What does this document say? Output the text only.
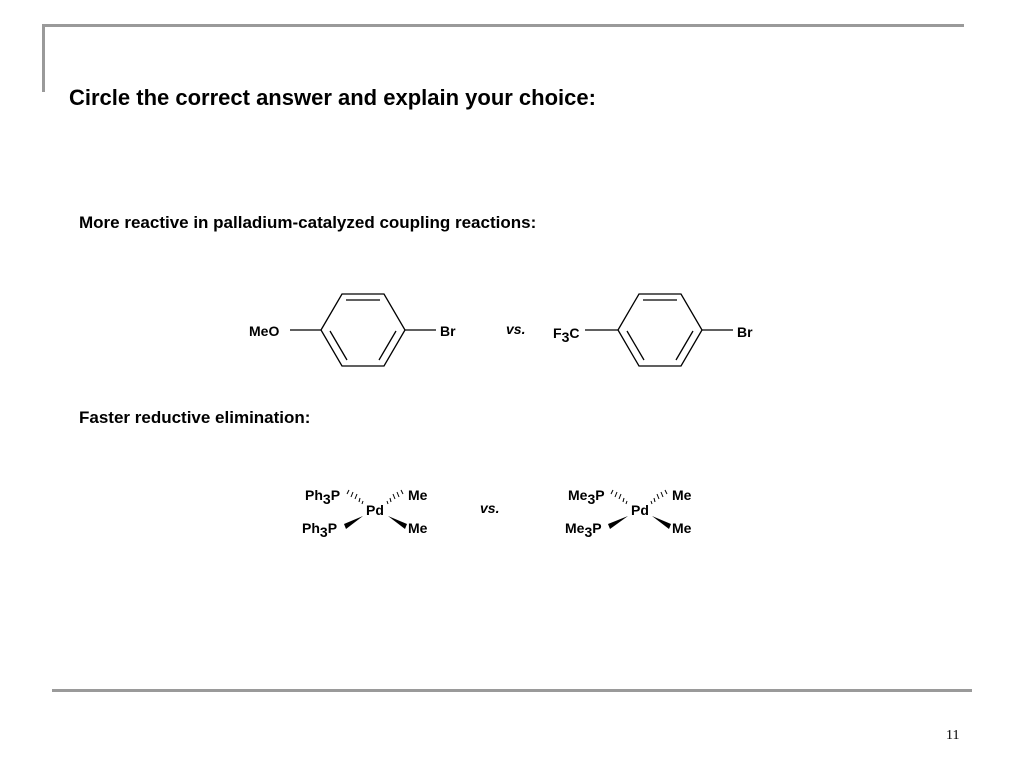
Circle the correct answer and explain your choice:
More reactive in palladium-catalyzed coupling reactions:
Faster reductive elimination:
11
MeO	Br	vs. F3C	Br
Ph3P
Ph3P
Pd
Me
Me
vs.
Me3P
Me3P
Pd
Me
Me
